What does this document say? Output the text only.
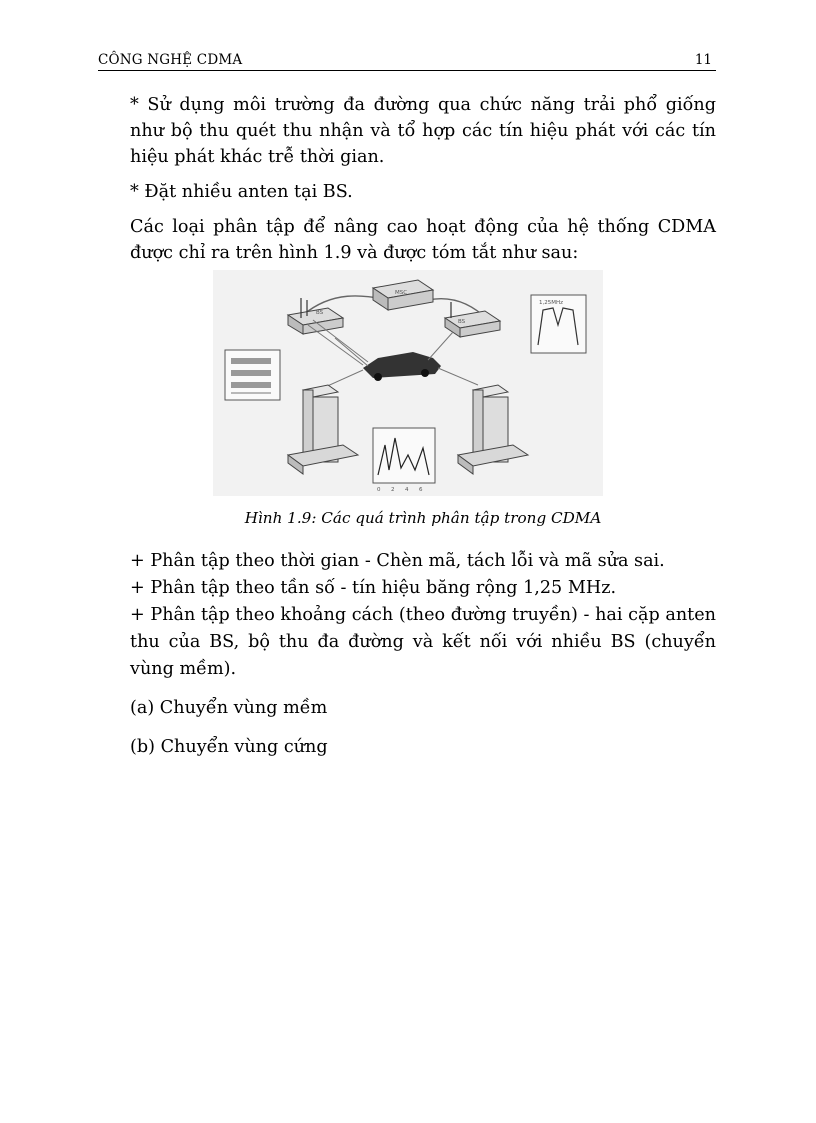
CÔNG NGHỆ CDMA	11

* Sử dụng môi trường đa đường qua chức năng trải phổ giống như bộ thu quét thu nhận và tổ hợp các tín hiệu phát với các tín hiệu phát khác trễ thời gian.

* Đặt nhiều anten tại BS.

Các loại phân tập để nâng cao hoạt động của hệ thống CDMA được chỉ ra trên hình 1.9 và được tóm tắt như sau:

MSC
BS
BS
1,25MHz
0 2 4 6
Hình 1.9: Các quá trình phân tập trong CDMA

+ Phân tập theo thời gian - Chèn mã, tách lỗi và mã sửa sai.

+ Phân tập theo tần số - tín hiệu băng rộng 1,25 MHz.

+ Phân tập theo khoảng cách (theo đường truyền) - hai cặp anten thu của BS, bộ thu đa đường và kết nối với nhiều BS (chuyển vùng mềm).

(a) Chuyển vùng mềm

(b) Chuyển vùng cứng
